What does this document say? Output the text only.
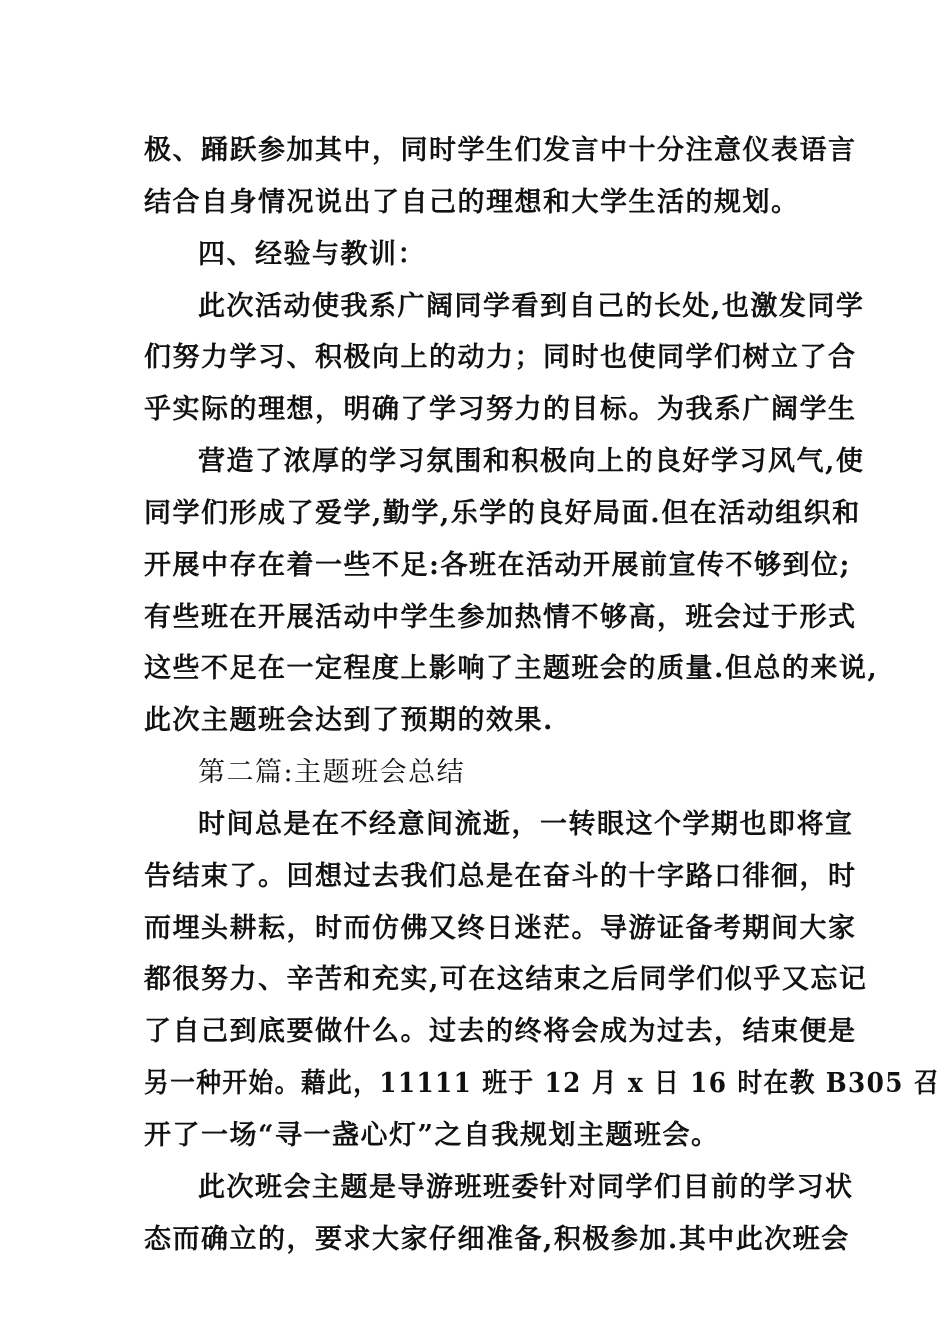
极、踊跃参加其中，同时学生们发言中十分注意仪表语言
结合自身情况说出了自己的理想和大学生活的规划。
四、经验与教训：
此次活动使我系广阔同学看到自己的长处,也激发同学
们努力学习、积极向上的动力；同时也使同学们树立了合
乎实际的理想，明确了学习努力的目标。为我系广阔学生
营造了浓厚的学习氛围和积极向上的良好学习风气,使
同学们形成了爱学,勤学,乐学的良好局面.但在活动组织和
开展中存在着一些不足:各班在活动开展前宣传不够到位;
有些班在开展活动中学生参加热情不够高，班会过于形式
这些不足在一定程度上影响了主题班会的质量.但总的来说,
此次主题班会达到了预期的效果.
第二篇:主题班会总结
时间总是在不经意间流逝，一转眼这个学期也即将宣
告结束了。回想过去我们总是在奋斗的十字路口徘徊，时
而埋头耕耘，时而仿佛又终日迷茫。导游证备考期间大家
都很努力、辛苦和充实,可在这结束之后同学们似乎又忘记
了自己到底要做什么。过去的终将会成为过去，结束便是
另一种开始。藉此，11111 班于 12 月 x 日 16 时在教 B305 召
开了一场“寻一盏心灯”之自我规划主题班会。
此次班会主题是导游班班委针对同学们目前的学习状
态而确立的，要求大家仔细准备,积极参加.其中此次班会
